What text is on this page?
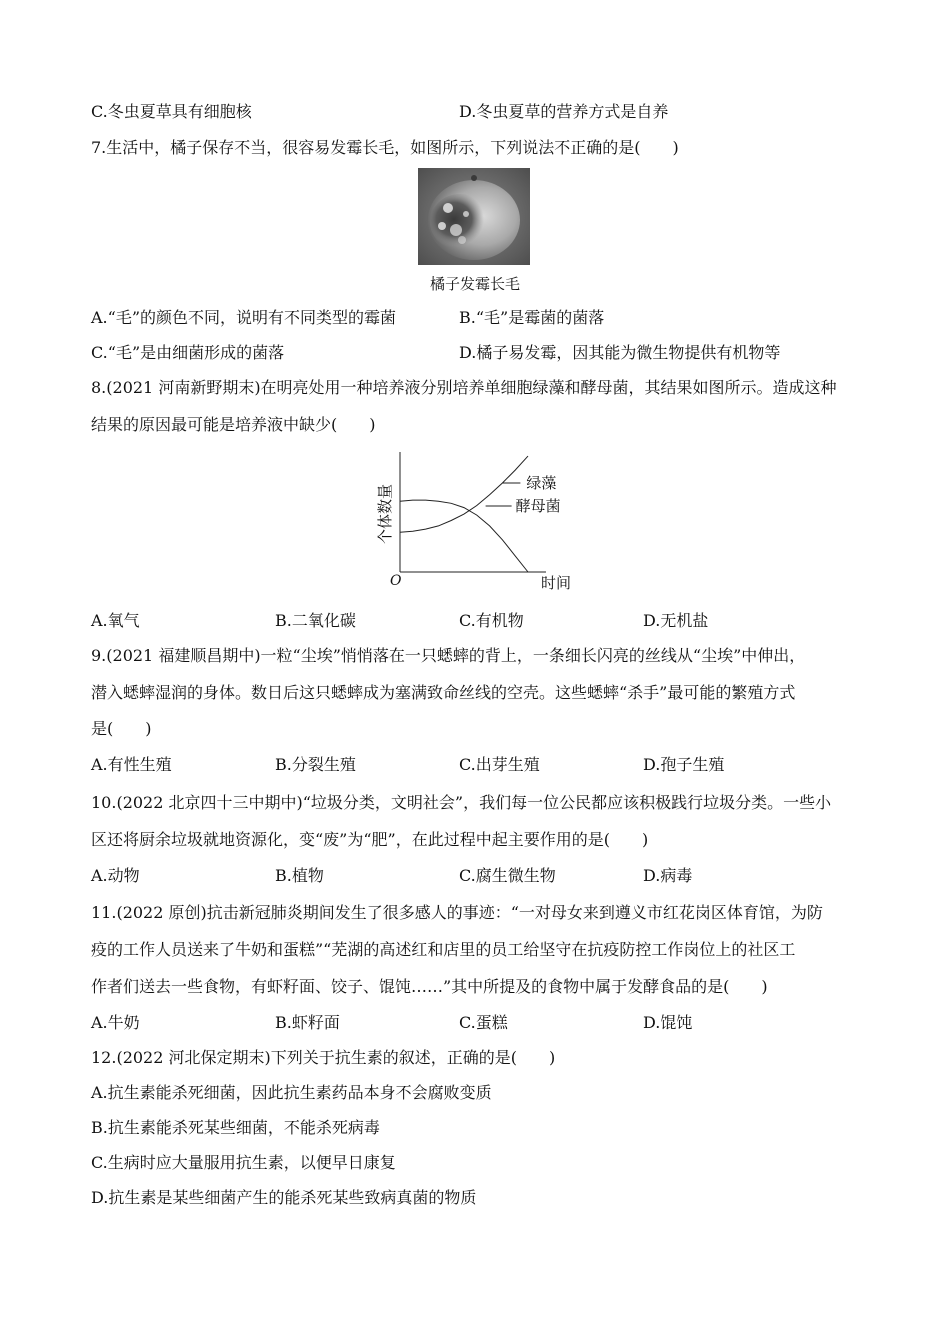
C.冬虫夏草具有细胞核	D.冬虫夏草的营养方式是自养
7.生活中，橘子保存不当，很容易发霉长毛，如图所示，下列说法不正确的是(　　)
橘子发霉长毛
A.“毛”的颜色不同，说明有不同类型的霉菌	B.“毛”是霉菌的菌落
C.“毛”是由细菌形成的菌落	D.橘子易发霉，因其能为微生物提供有机物等
8.(2021 河南新野期末)在明亮处用一种培养液分别培养单细胞绿藻和酵母菌，其结果如图所示。造成这种
结果的原因最可能是培养液中缺少(　　)
个体数量
O	时间
绿藻
酵母菌
A.氧气	B.二氧化碳	C.有机物	D.无机盐
9.(2021 福建顺昌期中)一粒“尘埃”悄悄落在一只蟋蟀的背上，一条细长闪亮的丝线从“尘埃”中伸出，
潜入蟋蟀湿润的身体。数日后这只蟋蟀成为塞满致命丝线的空壳。这些蟋蟀“杀手”最可能的繁殖方式
是(　　)
A.有性生殖	B.分裂生殖	C.出芽生殖	D.孢子生殖
10.(2022 北京四十三中期中)“垃圾分类，文明社会”，我们每一位公民都应该积极践行垃圾分类。一些小
区还将厨余垃圾就地资源化，变“废”为“肥”，在此过程中起主要作用的是(　　)
A.动物	B.植物	C.腐生微生物	D.病毒
11.(2022 原创)抗击新冠肺炎期间发生了很多感人的事迹：“一对母女来到遵义市红花岗区体育馆，为防
疫的工作人员送来了牛奶和蛋糕”“芜湖的高述红和店里的员工给坚守在抗疫防控工作岗位上的社区工
作者们送去一些食物，有虾籽面、饺子、馄饨……”其中所提及的食物中属于发酵食品的是(　　)
A.牛奶	B.虾籽面	C.蛋糕	D.馄饨
12.(2022 河北保定期末)下列关于抗生素的叙述，正确的是(　　)
A.抗生素能杀死细菌，因此抗生素药品本身不会腐败变质
B.抗生素能杀死某些细菌，不能杀死病毒
C.生病时应大量服用抗生素，以便早日康复
D.抗生素是某些细菌产生的能杀死某些致病真菌的物质
